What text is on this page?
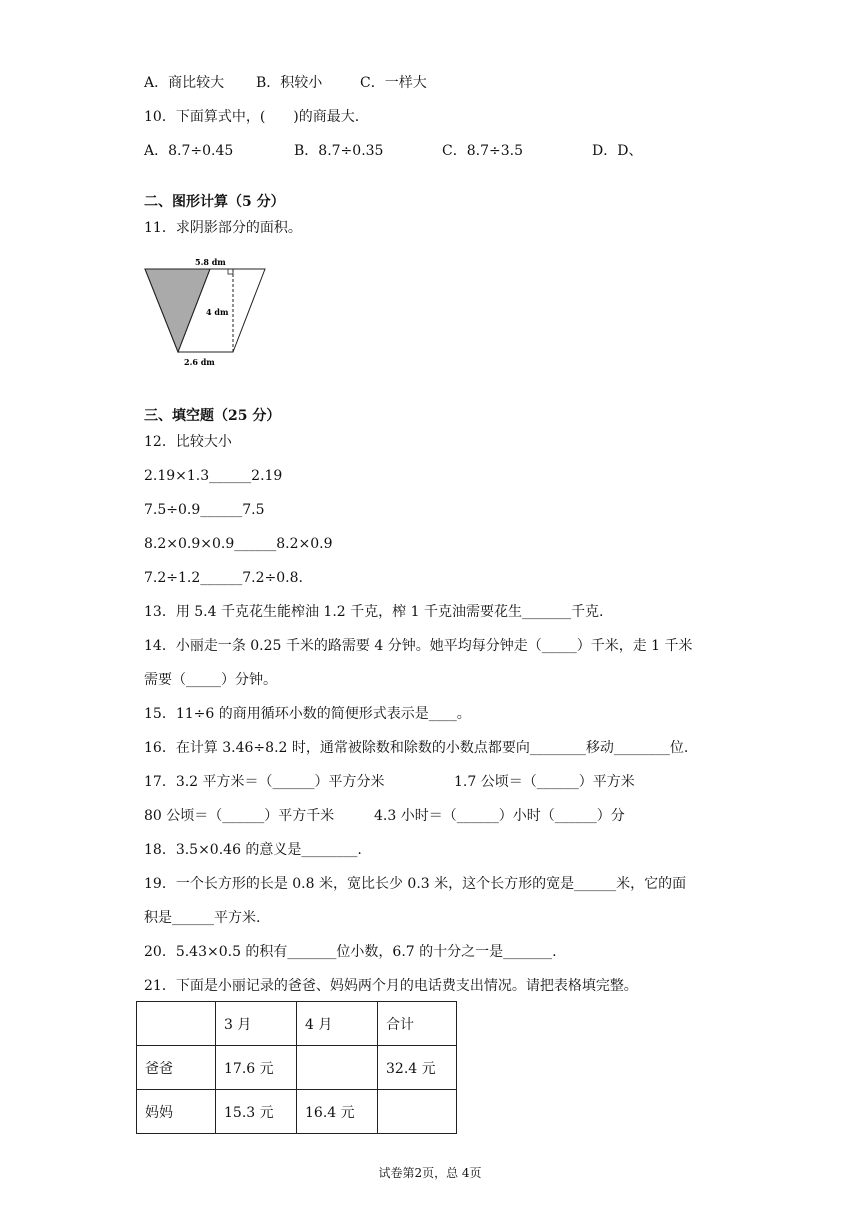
A．商比较大 B．积较小	C．一样大
10．下面算式中，(　　)的商最大.
A．8.7÷0.45	B．8.7÷0.35	C．8.7÷3.5	D．D、
二、图形计算（5 分）
11．求阴影部分的面积。
5.8 dm
4 dm
2.6 dm
三、填空题（25 分）
12．比较大小
2.19×1.3______2.19
7.5÷0.9______7.5
8.2×0.9×0.9______8.2×0.9
7.2÷1.2______7.2÷0.8.
13．用 5.4 千克花生能榨油 1.2 千克，榨 1 千克油需要花生_______千克.
14．小丽走一条 0.25 千米的路需要 4 分钟。她平均每分钟走（_____）千米，走 1 千米
需要（_____）分钟。
15．11÷6 的商用循环小数的简便形式表示是____。
16．在计算 3.46÷8.2 时，通常被除数和除数的小数点都要向________移动________位.
17．3.2 平方米＝（______）平方分米	1.7 公顷＝（______）平方米
80 公顷＝（______）平方千米	4.3 小时＝（______）小时（______）分
18．3.5×0.46 的意义是________.
19．一个长方形的长是 0.8 米，宽比长少 0.3 米，这个长方形的宽是______米，它的面
积是______平方米.
20．5.43×0.5 的积有_______位小数，6.7 的十分之一是_______.
21．下面是小丽记录的爸爸、妈妈两个月的电话费支出情况。请把表格填完整。
	3 月	4 月	合计
爸爸	17.6 元		32.4 元
妈妈	15.3 元	16.4 元	
试卷第2页，总 4页
